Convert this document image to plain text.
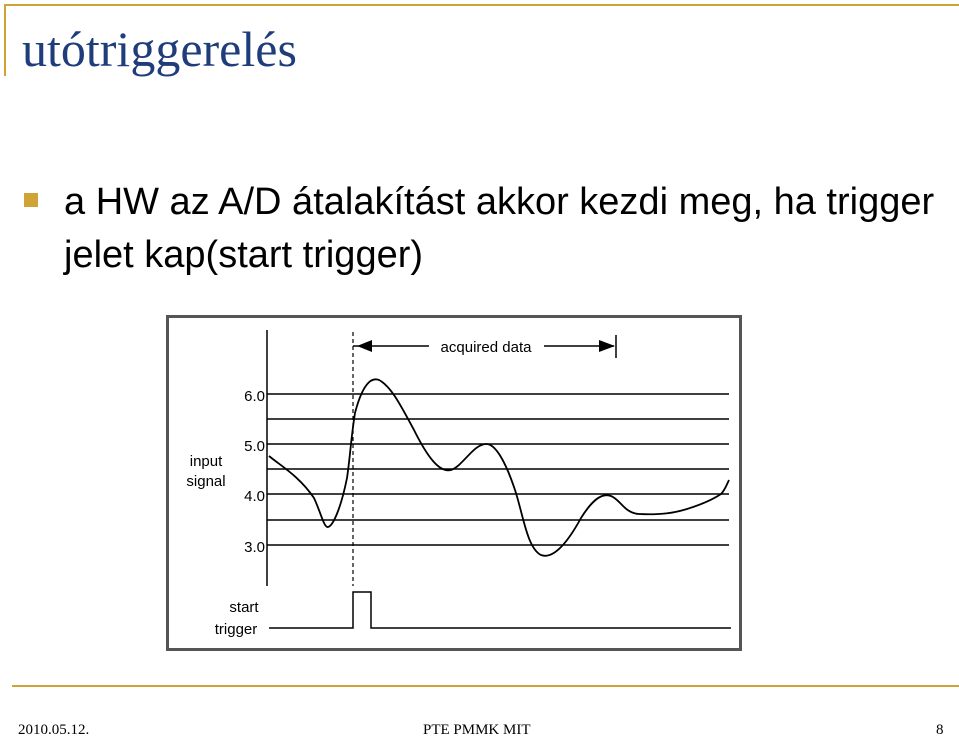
utótriggerelés
a HW az A/D átalakítást akkor kezdi meg, ha trigger jelet kap(start trigger)
6.0
5.0
4.0
3.0
input
signal
acquired data
start
trigger
2010.05.12.	PTE PMMK MIT	8
